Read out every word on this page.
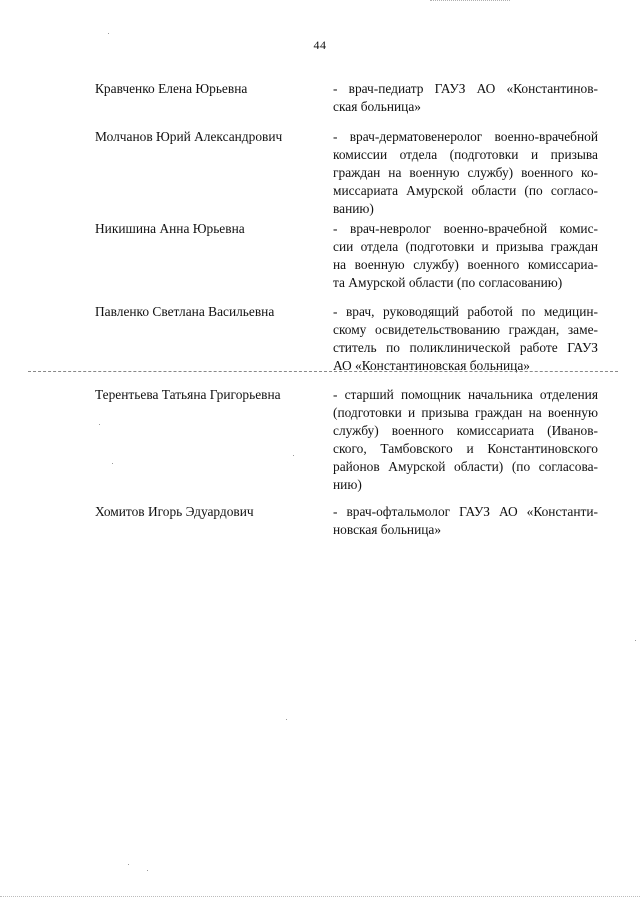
44
Кравченко Елена Юрьевна	- врач-педиатр ГАУЗ АО «Константинов-
ская больница»
Молчанов Юрий Александрович	- врач-дерматовенеролог военно-врачебной
комиссии отдела (подготовки и призыва
граждан на военную службу) военного ко-
миссариата Амурской области (по согласо-
ванию)
Никишина Анна Юрьевна	- врач-невролог военно-врачебной комис-
сии отдела (подготовки и призыва граждан
на военную службу) военного комиссариа-
та Амурской области (по согласованию)
Павленко Светлана Васильевна	- врач, руководящий работой по медицин-
скому освидетельствованию граждан, замe-
ститель по поликлинической работе ГАУЗ
АО «Константиновская больница»
Терентьева Татьяна Григорьевна	- старший помощник начальника отделения
(подготовки и призыва граждан на военную
службу) военного комиссариата (Иванов-
ского, Тамбовского и Константиновского
районов Амурской области) (по согласова-
нию)
Хомитов Игорь Эдуардович	- врач-офтальмолог ГАУЗ АО «Константи-
новская больница»
